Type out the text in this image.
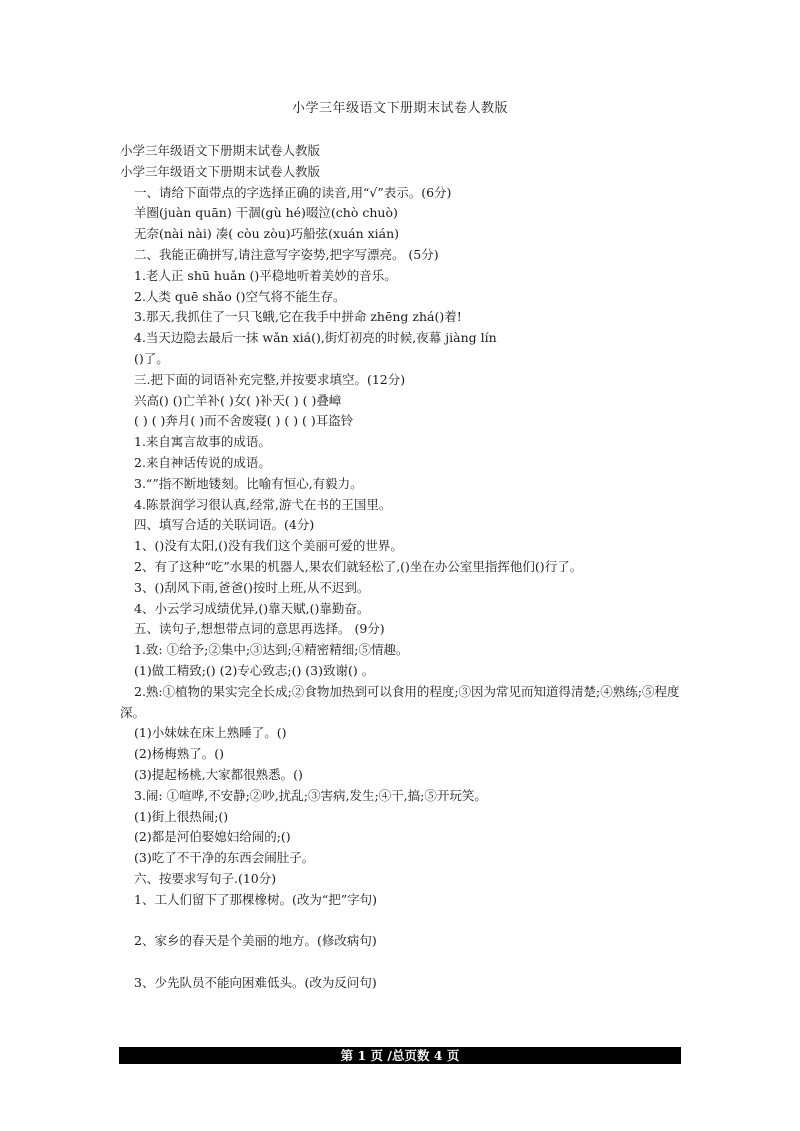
小学三年级语文下册期末试卷人教版
小学三年级语文下册期末试卷人教版
小学三年级语文下册期末试卷人教版
一、请给下面带点的字选择正确的读音,用“√”表示。(6分)
羊圈(juàn quān) 干涸(gù hé)啜泣(chò chuò)
无奈(nài nài) 凑( còu zòu)巧船弦(xuán xián)
二、我能正确拼写,请注意写字姿势,把字写漂亮。 (5分)
1.老人正 shū huǎn ()平稳地听着美妙的音乐。
2.人类 quē shǎo ()空气将不能生存。
3.那天,我抓住了一只飞蛾,它在我手中拼命 zhēng zhá()着!
4.当天边隐去最后一抹 wǎn xiá(),街灯初亮的时候,夜幕 jiàng lín
()了。
三.把下面的词语补充完整,并按要求填空。(12分)
兴高() ()亡羊补( )女( )补天( ) ( )叠嶂
( ) ( )奔月( )而不舍废寝( ) ( ) ( )耳盗铃
1.来自寓言故事的成语。
2.来自神话传说的成语。
3.“”指不断地镂刻。比喻有恒心,有毅力。
4.陈景润学习很认真,经常,游弋在书的王国里。
四、填写合适的关联词语。(4分)
1、()没有太阳,()没有我们这个美丽可爱的世界。
2、有了这种“吃”水果的机器人,果农们就轻松了,()坐在办公室里指挥他们()行了。
3、()刮风下雨,爸爸()按时上班,从不迟到。
4、小云学习成绩优异,()靠天赋,()靠勤奋。
五、读句子,想想带点词的意思再选择。 (9分)
1.致: ①给予;②集中;③达到;④精密精细;⑤情趣。
(1)做工精致;() (2)专心致志;() (3)致谢() 。
2.熟:①植物的果实完全长成;②食物加热到可以食用的程度;③因为常见而知道得清楚;④熟练;⑤程度深。
(1)小妹妹在床上熟睡了。()
(2)杨梅熟了。()
(3)提起杨桃,大家都很熟悉。()
3.闹: ①喧哗,不安静;②吵,扰乱;③害病,发生;④干,搞;⑤开玩笑。
(1)街上很热闹;()
(2)都是河伯娶媳妇给闹的;()
(3)吃了不干净的东西会闹肚子。
六、按要求写句子.(10分)
1、工人们留下了那棵橡树。(改为“把”字句)
2、家乡的春天是个美丽的地方。(修改病句)
3、少先队员不能向困难低头。(改为反问句)
第 1 页 /总页数 4 页
